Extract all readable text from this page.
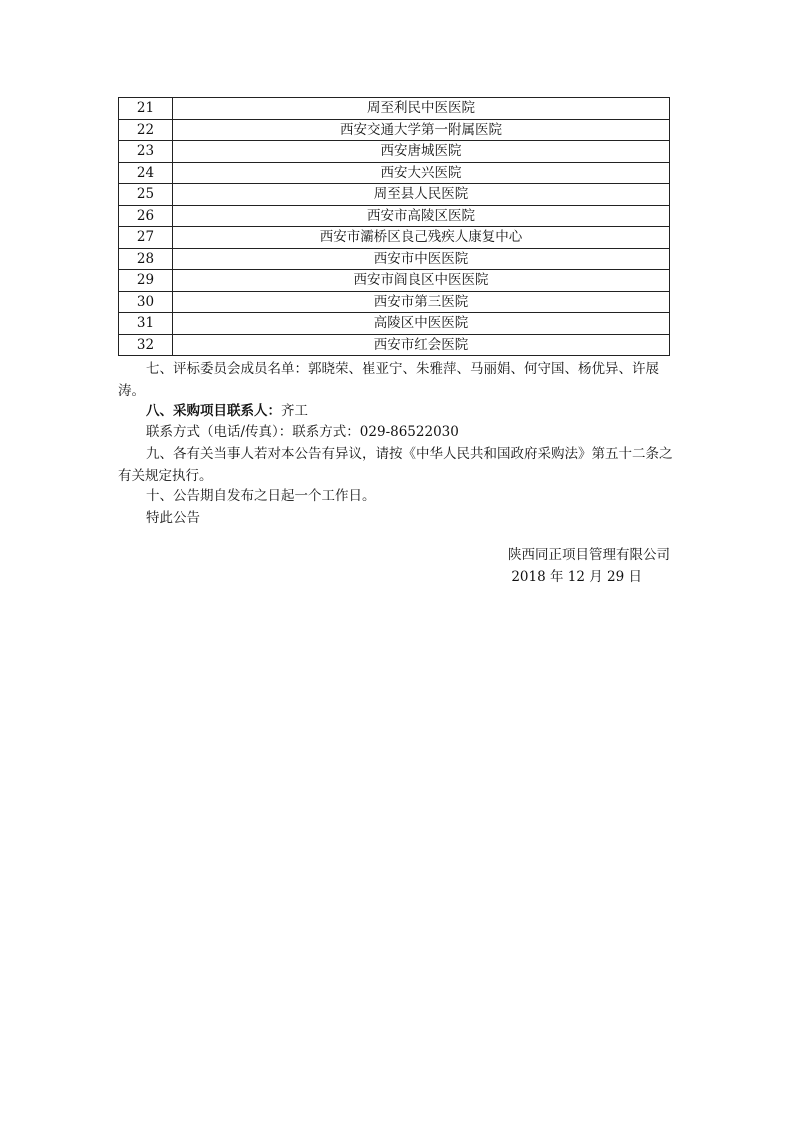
21	周至利民中医医院
22	西安交通大学第一附属医院
23	西安唐城医院
24	西安大兴医院
25	周至县人民医院
26	西安市高陵区医院
27	西安市灞桥区良己残疾人康复中心
28	西安市中医医院
29	西安市阎良区中医医院
30	西安市第三医院
31	高陵区中医医院
32	西安市红会医院

七、评标委员会成员名单：郭晓荣、崔亚宁、朱雅萍、马丽娟、何守国、杨优异、许展涛。

八、采购项目联系人：齐工

联系方式（电话/传真）：联系方式：029-86522030

九、各有关当事人若对本公告有异议，请按《中华人民共和国政府采购法》第五十二条之有关规定执行。

十、公告期自发布之日起一个工作日。

特此公告

陕西同正项目管理有限公司
2018 年 12 月 29 日
